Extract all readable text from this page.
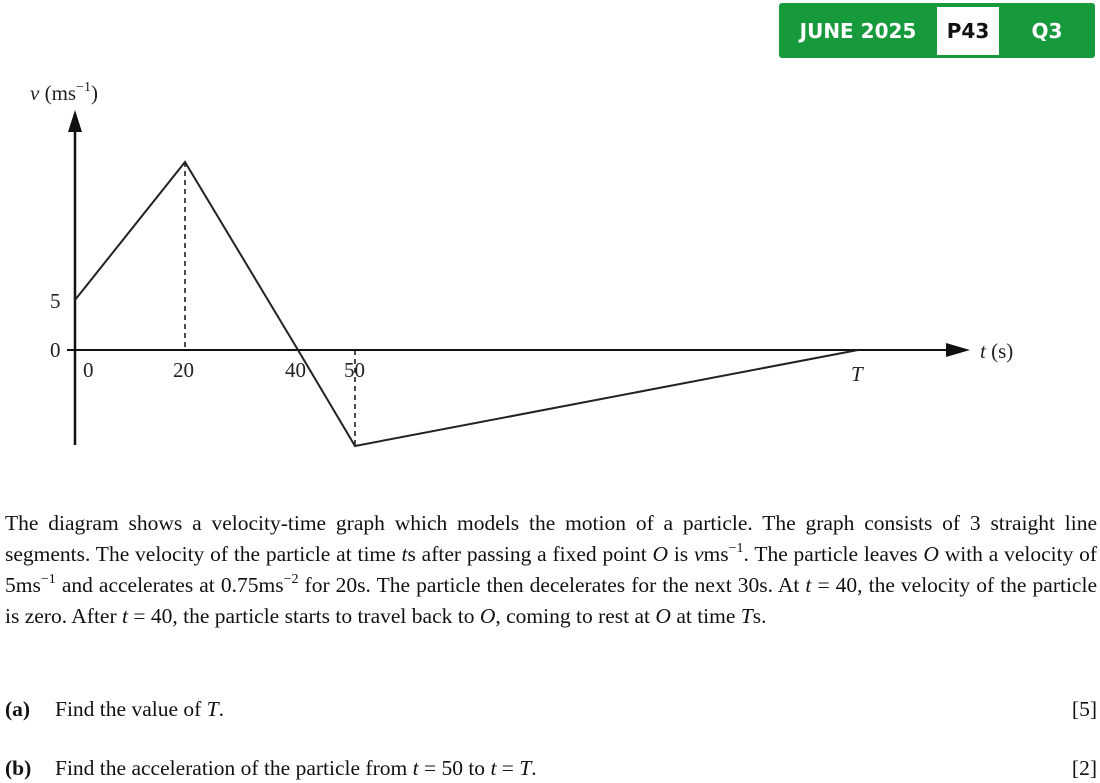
JUNE 2025	P43	Q3
v $(ms^{-1})$
5
0
0	20	40 50	T
t (s)

The diagram shows a velocity-time graph which models the motion of a particle. The graph consists of 3 straight line segments. The velocity of the particle at time ts after passing a fixed point O is vms$^{-1}$. The particle leaves O with a velocity of $5ms^{-1}$ and accelerates at $0.75ms^{-2}$ for 20s. The particle then decelerates for the next 30s. At t = 40, the velocity of the particle is zero. After t = 40, the particle starts to travel back to O, coming to rest at O at time Ts.

(a)	Find the value of T.	[5]
(b)	Find the acceleration of the particle from t = 50 to t = T.	[2]
